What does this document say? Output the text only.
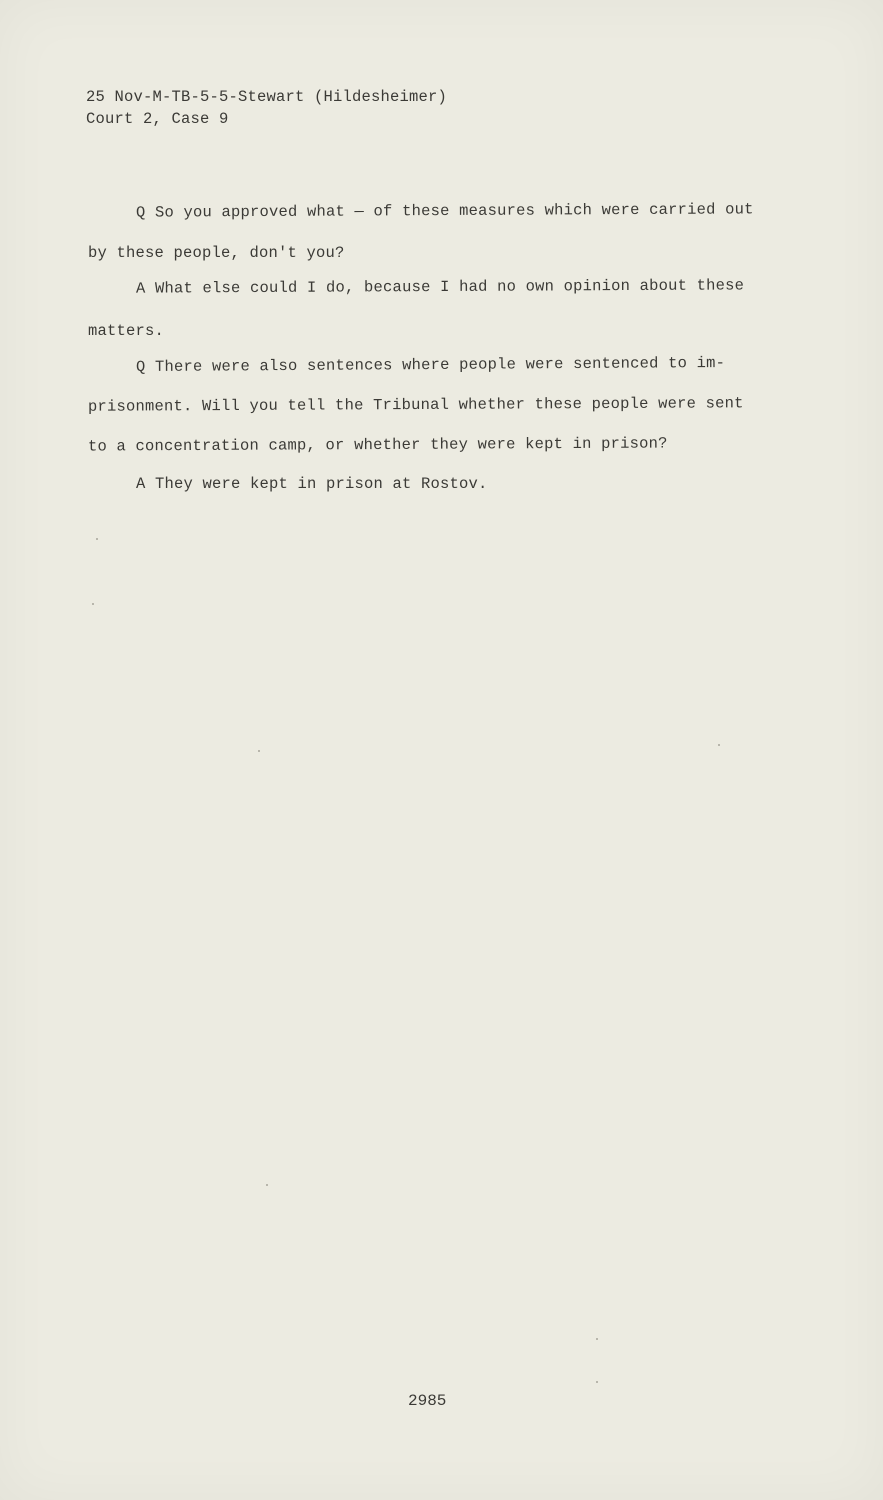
25 Nov-M-TB-5-5-Stewart (Hildesheimer)
Court 2, Case 9
Q So you approved what — of these measures which were carried out
by these people, don't you?
A What else could I do, because I had no own opinion about these
matters.
Q There were also sentences where people were sentenced to im-
prisonment. Will you tell the Tribunal whether these people were sent
to a concentration camp, or whether they were kept in prison?
A They were kept in prison at Rostov.
2985
